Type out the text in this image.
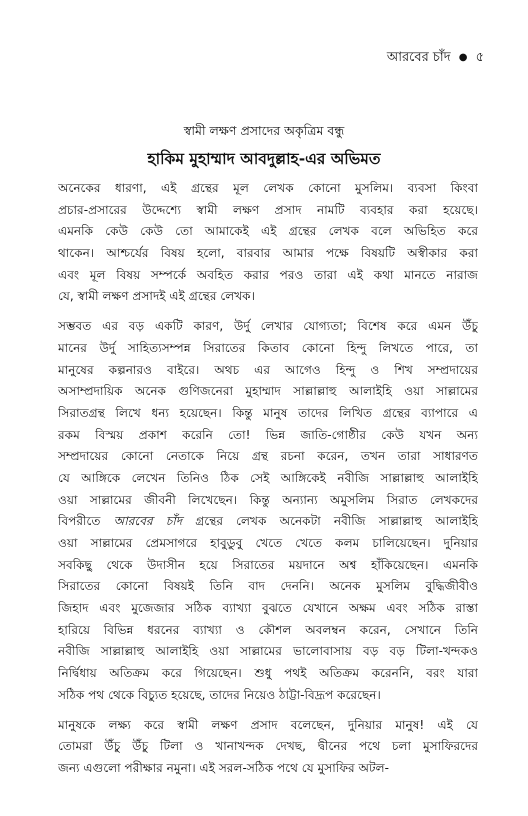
আরবের চাঁদ ● ৫
স্বামী লক্ষণ প্রসাদের অকৃত্রিম বন্ধু
হাকিম মুহাম্মাদ আবদুল্লাহ-এর অভিমত
অনেকের ধারণা, এই গ্রন্থের মূল লেখক কোনো মুসলিম। ব্যবসা কিংবা
প্রচার-প্রসারের উদ্দেশ্যে স্বামী লক্ষণ প্রসাদ নামটি ব্যবহার করা হয়েছে।
এমনকি কেউ কেউ তো আমাকেই এই গ্রন্থের লেখক বলে অভিহিত করে
থাকেন। আশ্চর্যের বিষয় হলো, বারবার আমার পক্ষে বিষয়টি অস্বীকার করা
এবং মূল বিষয় সম্পর্কে অবহিত করার পরও তারা এই কথা মানতে নারাজ
যে, স্বামী লক্ষণ প্রসাদই এই গ্রন্থের লেখক।
সম্ভবত এর বড় একটি কারণ, উর্দু লেখার যোগ্যতা; বিশেষ করে এমন উঁচু
মানের উর্দু সাহিত্যসম্পন্ন সিরাতের কিতাব কোনো হিন্দু লিখতে পারে, তা
মানুষের কল্পনারও বাইরে। অথচ এর আগেও হিন্দু ও শিখ সম্প্রদায়ের
অসাম্প্রদায়িক অনেক গুণিজনেরা মুহাম্মাদ সাল্লাল্লাহু আলাইহি ওয়া সাল্লামের
সিরাতগ্রন্থ লিখে ধন্য হয়েছেন। কিন্তু মানুষ তাদের লিখিত গ্রন্থের ব্যাপারে এ
রকম বিস্ময় প্রকাশ করেনি তো! ভিন্ন জাতি-গোষ্ঠীর কেউ যখন অন্য
সম্প্রদায়ের কোনো নেতাকে নিয়ে গ্রন্থ রচনা করেন, তখন তারা সাধারণত
যে আঙ্গিকে লেখেন তিনিও ঠিক সেই আঙ্গিকেই নবীজি সাল্লাল্লাহু আলাইহি
ওয়া সাল্লামের জীবনী লিখেছেন। কিন্তু অন্যান্য অমুসলিম সিরাত লেখকদের
বিপরীতে আরবের চাঁদ গ্রন্থের লেখক অনেকটা নবীজি সাল্লাল্লাহু আলাইহি
ওয়া সাল্লামের প্রেমসাগরে হাবুডুবু খেতে খেতে কলম চালিয়েছেন। দুনিয়ার
সবকিছু থেকে উদাসীন হয়ে সিরাতের ময়দানে অশ্ব হাঁকিয়েছেন। এমনকি
সিরাতের কোনো বিষয়ই তিনি বাদ দেননি। অনেক মুসলিম বুদ্ধিজীবীও
জিহাদ এবং মুজেজার সঠিক ব্যাখ্যা বুঝতে যেখানে অক্ষম এবং সঠিক রাস্তা
হারিয়ে বিভিন্ন ধরনের ব্যাখ্যা ও কৌশল অবলম্বন করেন, সেখানে তিনি
নবীজি সাল্লাল্লাহু আলাইহি ওয়া সাল্লামের ভালোবাসায় বড় বড় টিলা-খন্দকও
নির্দ্বিধায় অতিক্রম করে গিয়েছেন। শুধু পথই অতিক্রম করেননি, বরং যারা
সঠিক পথ থেকে বিচ্যুত হয়েছে, তাদের নিয়েও ঠাট্টা-বিদ্রূপ করেছেন।
মানুষকে লক্ষ্য করে স্বামী লক্ষণ প্রসাদ বলেছেন, দুনিয়ার মানুষ! এই যে
তোমরা উঁচু উঁচু টিলা ও খানাখন্দক দেখছ, দ্বীনের পথে চলা মুসাফিরদের
জন্য এগুলো পরীক্ষার নমুনা। এই সরল-সঠিক পথে যে মুসাফির অটল-
